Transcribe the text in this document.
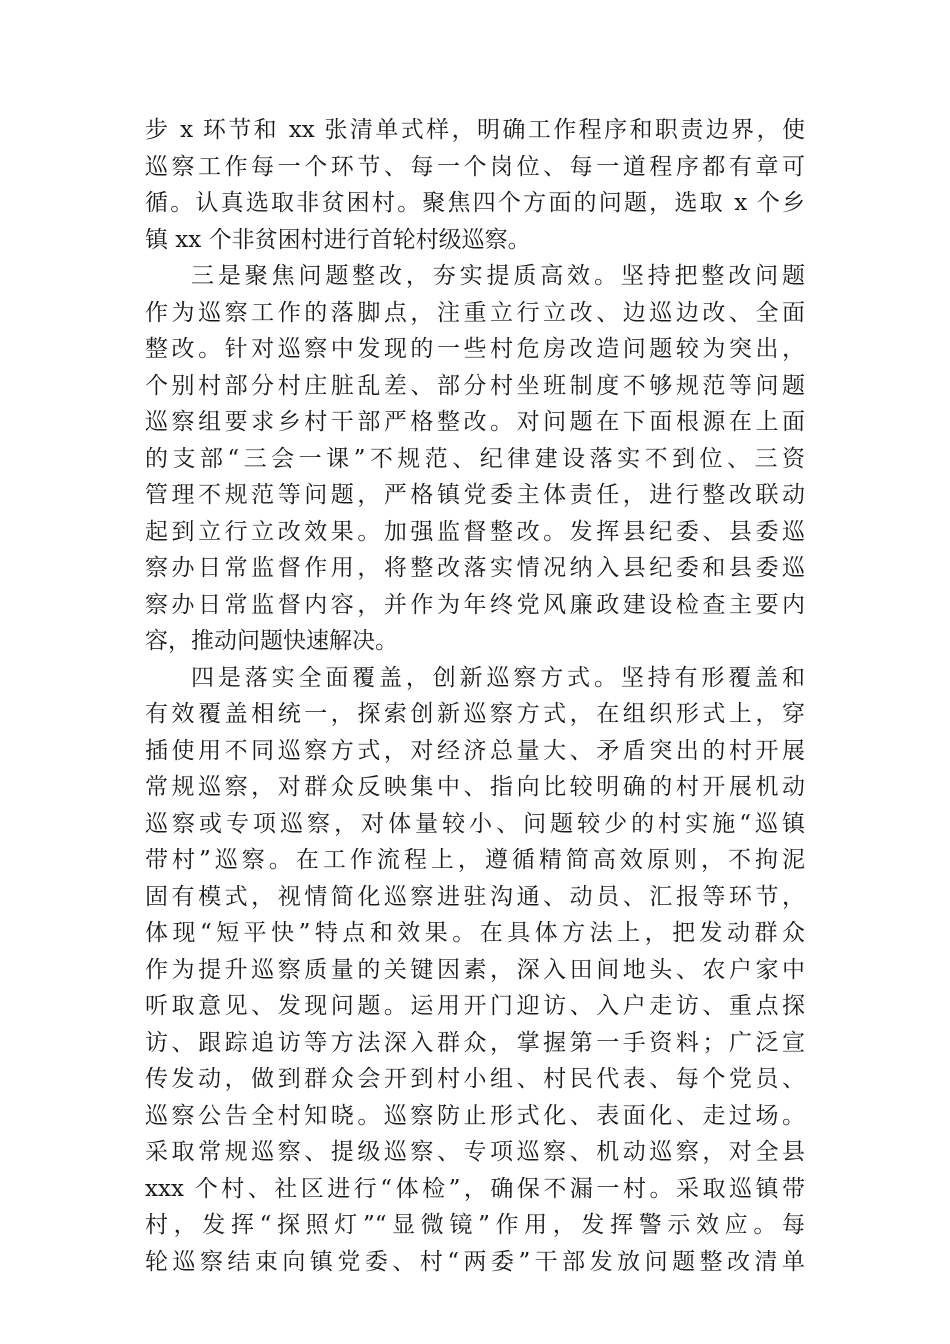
步 x 环节和 xx 张清单式样，明确工作程序和职责边界，使
巡察工作每一个环节、每一个岗位、每一道程序都有章可
循。认真选取非贫困村。聚焦四个方面的问题，选取 x 个乡
镇 xx 个非贫困村进行首轮村级巡察。
三是聚焦问题整改，夯实提质高效。坚持把整改问题
作为巡察工作的落脚点，注重立行立改、边巡边改、全面
整改。针对巡察中发现的一些村危房改造问题较为突出，
个别村部分村庄脏乱差、部分村坐班制度不够规范等问题
巡察组要求乡村干部严格整改。对问题在下面根源在上面
的支部“三会一课”不规范、纪律建设落实不到位、三资
管理不规范等问题，严格镇党委主体责任，进行整改联动
起到立行立改效果。加强监督整改。发挥县纪委、县委巡
察办日常监督作用，将整改落实情况纳入县纪委和县委巡
察办日常监督内容，并作为年终党风廉政建设检查主要内
容，推动问题快速解决。
四是落实全面覆盖，创新巡察方式。坚持有形覆盖和
有效覆盖相统一，探索创新巡察方式，在组织形式上，穿
插使用不同巡察方式，对经济总量大、矛盾突出的村开展
常规巡察，对群众反映集中、指向比较明确的村开展机动
巡察或专项巡察，对体量较小、问题较少的村实施“巡镇
带村”巡察。在工作流程上，遵循精简高效原则，不拘泥
固有模式，视情简化巡察进驻沟通、动员、汇报等环节，
体现“短平快”特点和效果。在具体方法上，把发动群众
作为提升巡察质量的关键因素，深入田间地头、农户家中
听取意见、发现问题。运用开门迎访、入户走访、重点探
访、跟踪追访等方法深入群众，掌握第一手资料；广泛宣
传发动，做到群众会开到村小组、村民代表、每个党员、
巡察公告全村知晓。巡察防止形式化、表面化、走过场。
采取常规巡察、提级巡察、专项巡察、机动巡察，对全县
xxx 个村、社区进行“体检”，确保不漏一村。采取巡镇带
村，发挥“探照灯”“显微镜”作用，发挥警示效应。每
轮巡察结束向镇党委、村“两委”干部发放问题整改清单
